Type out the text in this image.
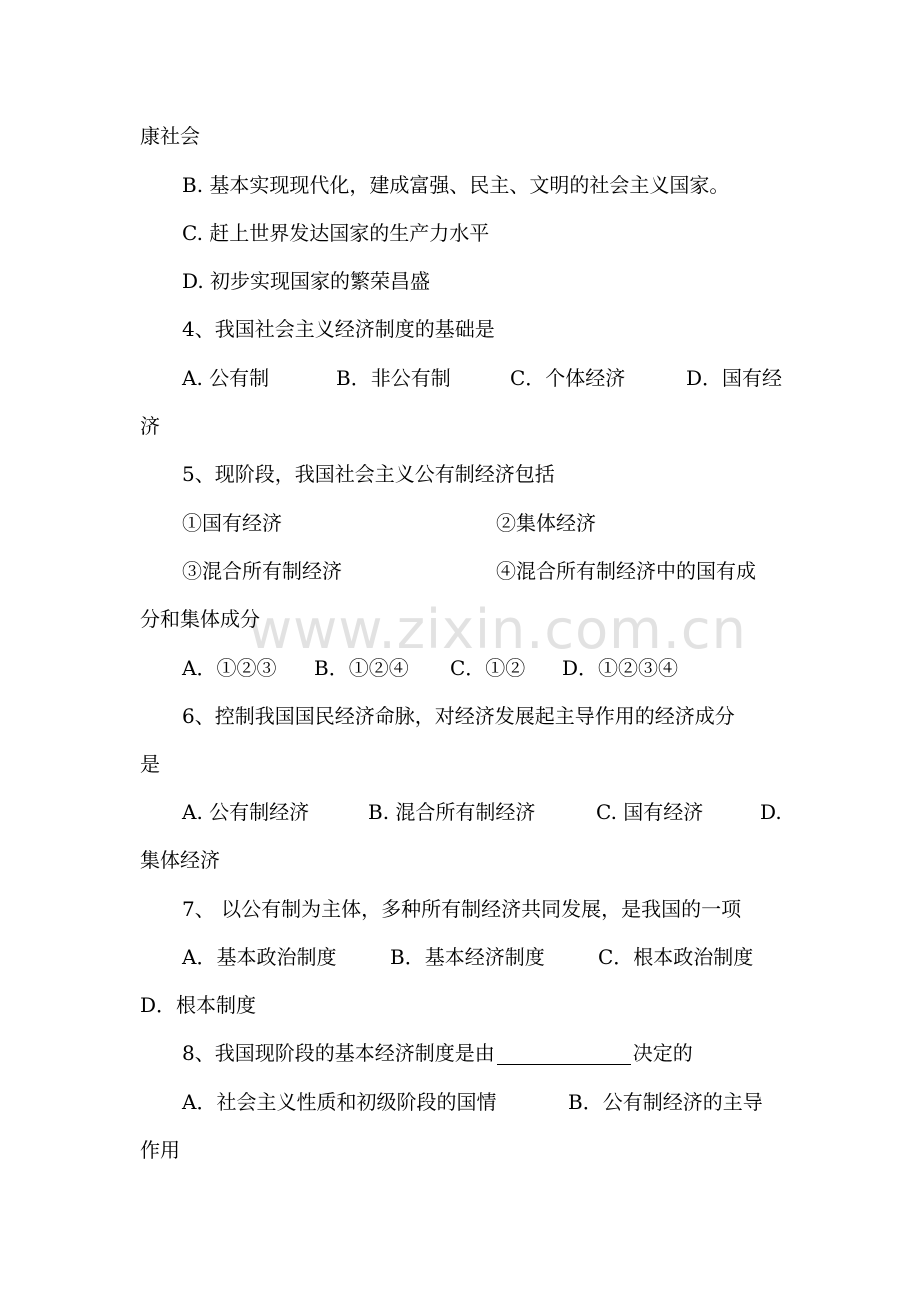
www.zixin.com.cn
康社会
B. 基本实现现代化，建成富强、民主、文明的社会主义国家。
C. 赶上世界发达国家的生产力水平
D. 初步实现国家的繁荣昌盛
4、我国社会主义经济制度的基础是
A. 公有制	B．非公有制	C．个体经济	D．国有经
济
5、现阶段，我国社会主义公有制经济包括
①国有经济	②集体经济
③混合所有制经济	④混合所有制经济中的国有成
分和集体成分
A．①②③	B．①②④	C．①②	D．①②③④
6、控制我国国民经济命脉，对经济发展起主导作用的经济成分
是
A. 公有制经济	B. 混合所有制经济	C. 国有经济	D.
集体经济
7、 以公有制为主体，多种所有制经济共同发展，是我国的一项
A．基本政治制度	B．基本经济制度	C．根本政治制度
D．根本制度
8、我国现阶段的基本经济制度是由	决定的
A．社会主义性质和初级阶段的国情	B．公有制经济的主导
作用
